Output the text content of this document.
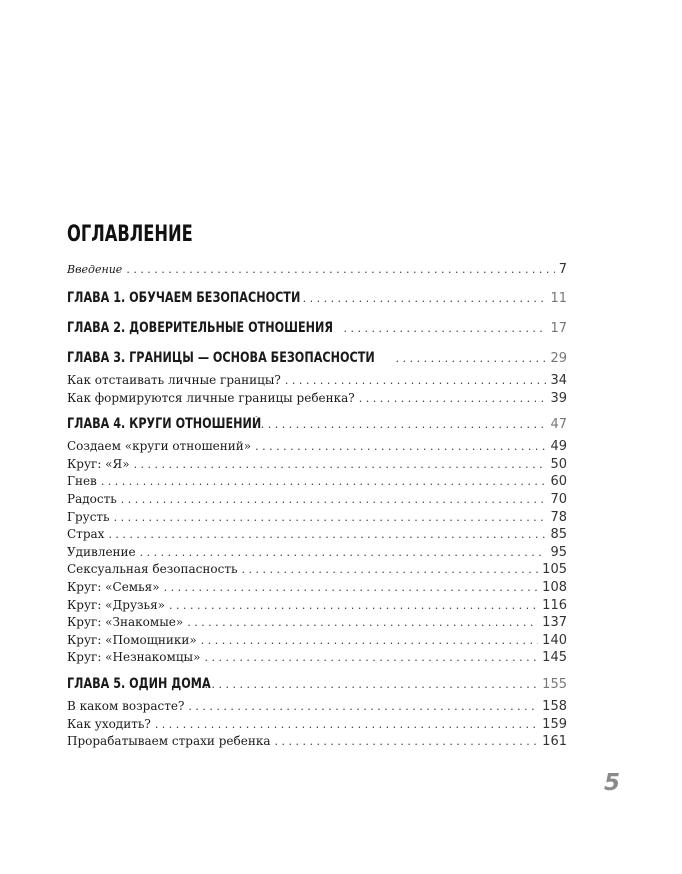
ОГЛАВЛЕНИЕ
Введение . . .	7
ГЛАВА 1. ОБУЧАЕМ БЕЗОПАСНОСТИ . . .	11
ГЛАВА 2. ДОВЕРИТЕЛЬНЫЕ ОТНОШЕНИЯ . . .	17
ГЛАВА 3. ГРАНИЦЫ — ОСНОВА БЕЗОПАСНОСТИ . . .	29
Как отстаивать личные границы? . . .	34
Как формируются личные границы ребенка? . . .	39
ГЛАВА 4. КРУГИ ОТНОШЕНИЙ . . .	47
Создаем «круги отношений» . . .	49
Круг: «Я» . . .	50
Гнев . . .	60
Радость . . .	70
Грусть . . .	78
Страх . . .	85
Удивление . . .	95
Сексуальная безопасность . . .	105
Круг: «Семья» . . .	108
Круг: «Друзья» . . .	116
Круг: «Знакомые» . . .	137
Круг: «Помощники» . . .	140
Круг: «Незнакомцы» . . .	145
ГЛАВА 5. ОДИН ДОМА . . .	155
В каком возрасте? . . .	158
Как уходить? . . .	159
Прорабатываем страхи ребенка . . .	161
5
